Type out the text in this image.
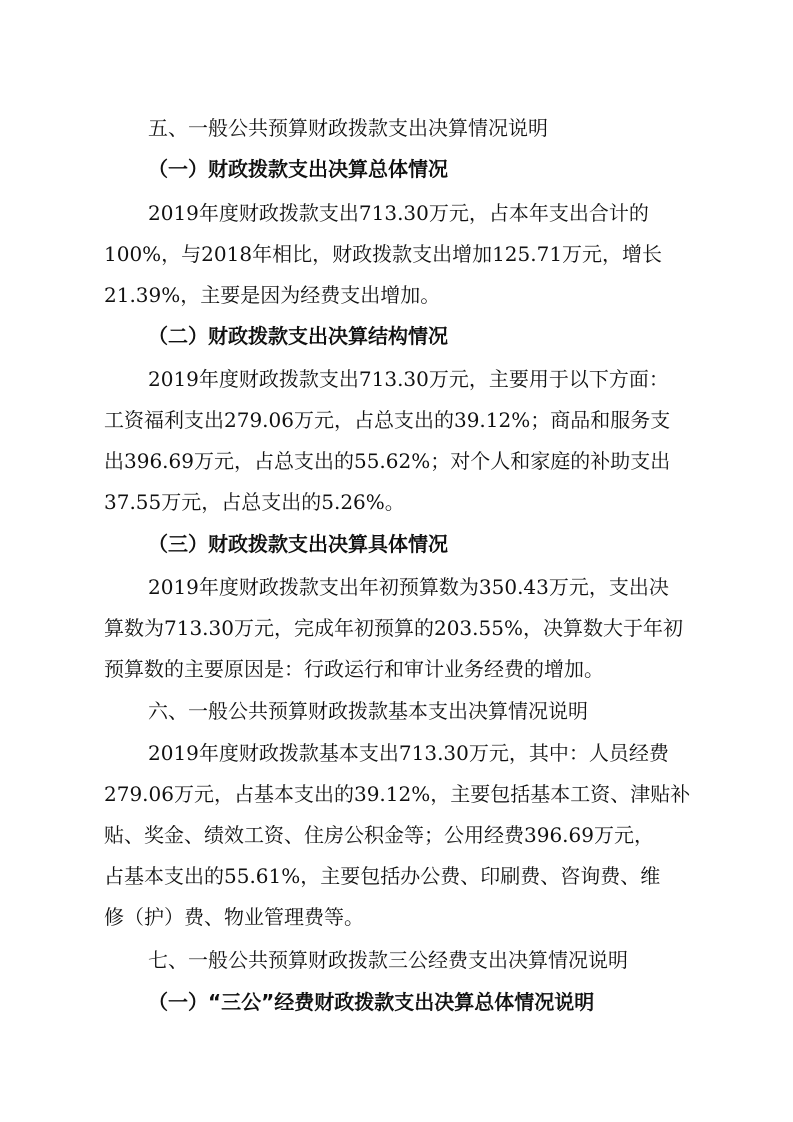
五、一般公共预算财政拨款支出决算情况说明
（一）财政拨款支出决算总体情况
2019年度财政拨款支出713.30万元，占本年支出合计的
100%，与2018年相比，财政拨款支出增加125.71万元，增长
21.39%，主要是因为经费支出增加。
（二）财政拨款支出决算结构情况
2019年度财政拨款支出713.30万元，主要用于以下方面：
工资福利支出279.06万元，占总支出的39.12%；商品和服务支
出396.69万元，占总支出的55.62%；对个人和家庭的补助支出
37.55万元，占总支出的5.26%。
（三）财政拨款支出决算具体情况
2019年度财政拨款支出年初预算数为350.43万元，支出决
算数为713.30万元，完成年初预算的203.55%，决算数大于年初
预算数的主要原因是：行政运行和审计业务经费的增加。
六、一般公共预算财政拨款基本支出决算情况说明
2019年度财政拨款基本支出713.30万元，其中：人员经费
279.06万元，占基本支出的39.12%，主要包括基本工资、津贴补
贴、奖金、绩效工资、住房公积金等；公用经费396.69万元，
占基本支出的55.61%，主要包括办公费、印刷费、咨询费、维
修（护）费、物业管理费等。
七、一般公共预算财政拨款三公经费支出决算情况说明
（一）“三公”经费财政拨款支出决算总体情况说明
